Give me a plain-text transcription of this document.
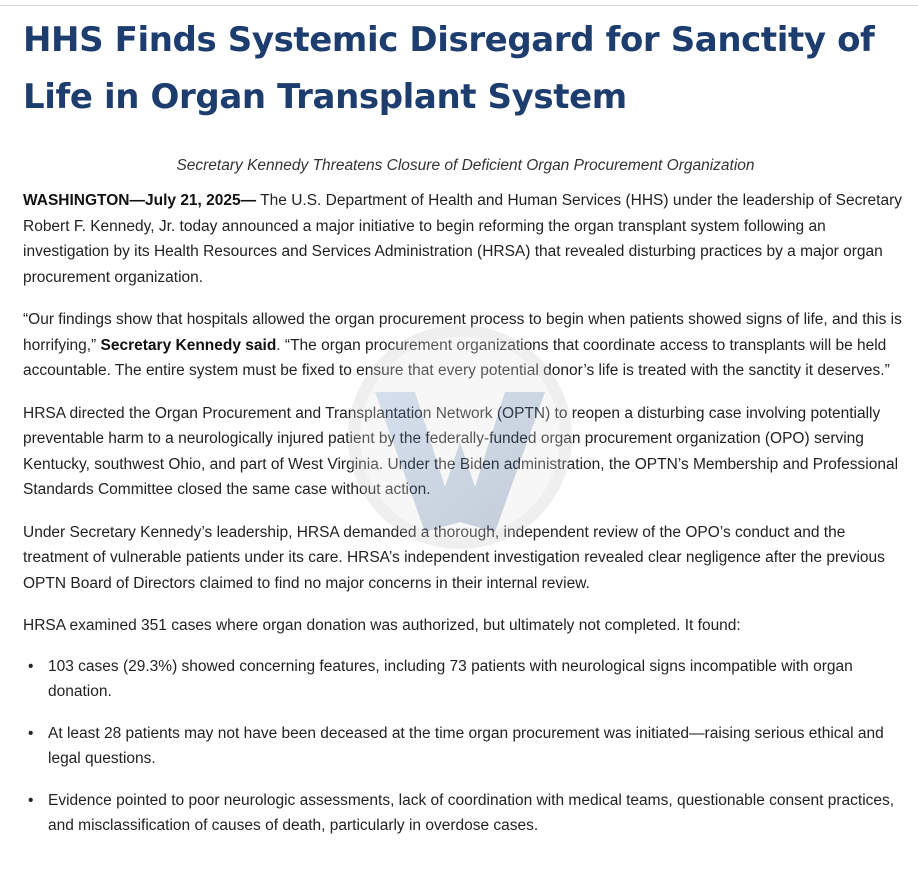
HHS Finds Systemic Disregard for Sanctity of Life in Organ Transplant System
Secretary Kennedy Threatens Closure of Deficient Organ Procurement Organization

WASHINGTON—July 21, 2025— The U.S. Department of Health and Human Services (HHS) under the leadership of Secretary Robert F. Kennedy, Jr. today announced a major initiative to begin reforming the organ transplant system following an investigation by its Health Resources and Services Administration (HRSA) that revealed disturbing practices by a major organ procurement organization.

“Our findings show that hospitals allowed the organ procurement process to begin when patients showed signs of life, and this is horrifying,” Secretary Kennedy said. “The organ procurement organizations that coordinate access to transplants will be held accountable. The entire system must be fixed to ensure that every potential donor’s life is treated with the sanctity it deserves.”

HRSA directed the Organ Procurement and Transplantation Network (OPTN) to reopen a disturbing case involving potentially preventable harm to a neurologically injured patient by the federally-funded organ procurement organization (OPO) serving Kentucky, southwest Ohio, and part of West Virginia. Under the Biden administration, the OPTN’s Membership and Professional Standards Committee closed the same case without action.

Under Secretary Kennedy’s leadership, HRSA demanded a thorough, independent review of the OPO’s conduct and the treatment of vulnerable patients under its care. HRSA’s independent investigation revealed clear negligence after the previous OPTN Board of Directors claimed to find no major concerns in their internal review.

HRSA examined 351 cases where organ donation was authorized, but ultimately not completed. It found:

• 103 cases (29.3%) showed concerning features, including 73 patients with neurological signs incompatible with organ donation.
• At least 28 patients may not have been deceased at the time organ procurement was initiated—raising serious ethical and legal questions.
• Evidence pointed to poor neurologic assessments, lack of coordination with medical teams, questionable consent practices, and misclassification of causes of death, particularly in overdose cases.
